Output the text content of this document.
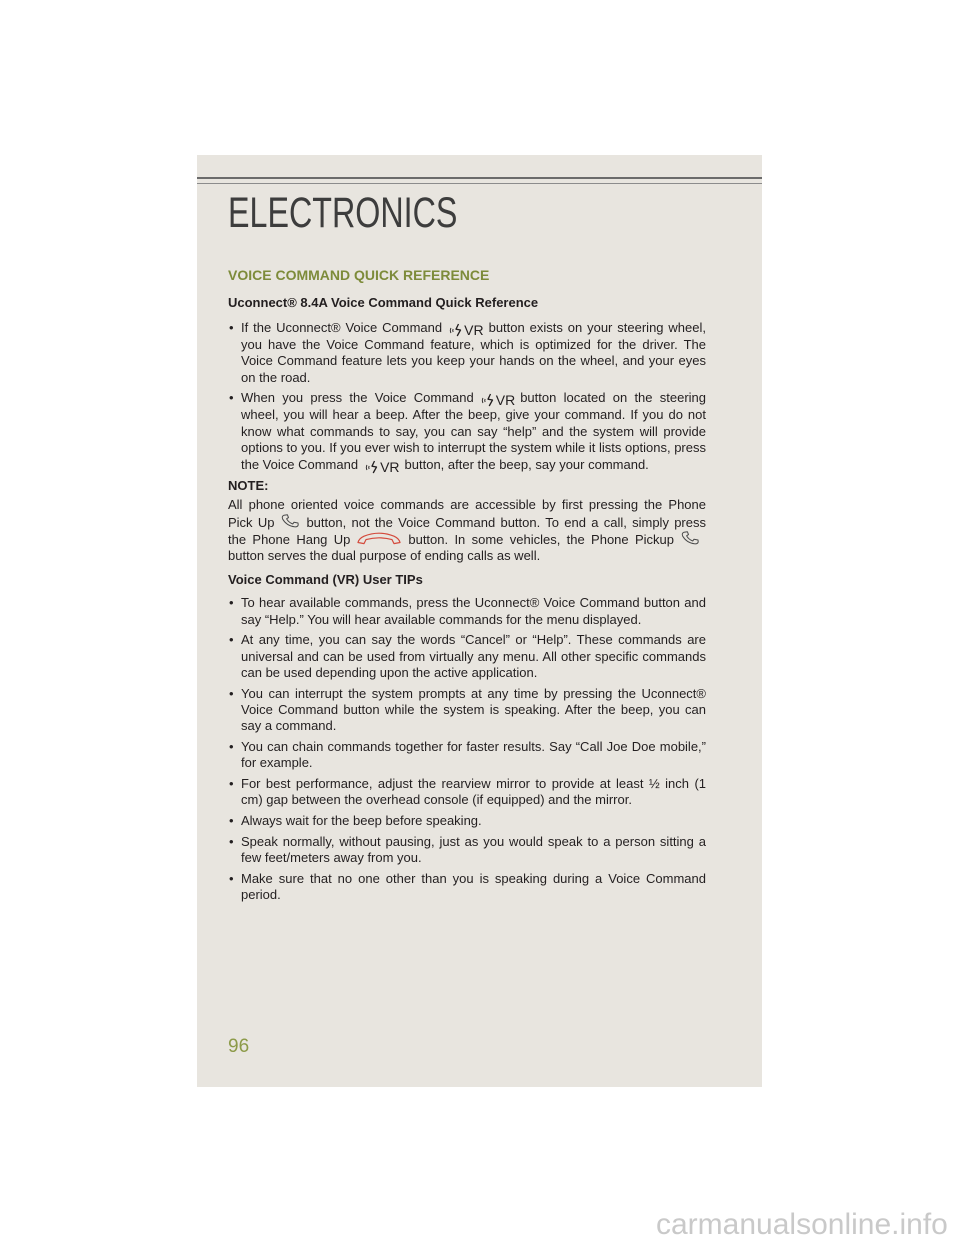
ELECTRONICS
VOICE COMMAND QUICK REFERENCE
Uconnect® 8.4A Voice Command Quick Reference
• If the Uconnect® Voice Command VR button exists on your steering wheel, you have the Voice Command feature, which is optimized for the driver. The Voice Command feature lets you keep your hands on the wheel, and your eyes on the road.
• When you press the Voice Command VR button located on the steering wheel, you will hear a beep. After the beep, give your command. If you do not know what commands to say, you can say “help” and the system will provide options to you. If you ever wish to interrupt the system while it lists options, press the Voice Command VR button, after the beep, say your command.
NOTE:

All phone oriented voice commands are accessible by first pressing the Phone Pick Up button, not the Voice Command button. To end a call, simply press the Phone Hang Up	button. In some vehicles, the Phone Pickup
button serves the dual purpose of ending calls as well.

Voice Command (VR) User TIPs
• To hear available commands, press the Uconnect® Voice Command button and say “Help.” You will hear available commands for the menu displayed.
• At any time, you can say the words “Cancel” or “Help”. These commands are universal and can be used from virtually any menu. All other specific commands can be used depending upon the active application.
• You can interrupt the system prompts at any time by pressing the Uconnect® Voice Command button while the system is speaking. After the beep, you can say a command.
• You can chain commands together for faster results. Say “Call Joe Doe mobile,” for example.
• For best performance, adjust the rearview mirror to provide at least ½ inch (1 cm) gap between the overhead console (if equipped) and the mirror.
• Always wait for the beep before speaking.
• Speak normally, without pausing, just as you would speak to a person sitting a few feet/meters away from you.
• Make sure that no one other than you is speaking during a Voice Command period.
96
carmanualsonline.info
